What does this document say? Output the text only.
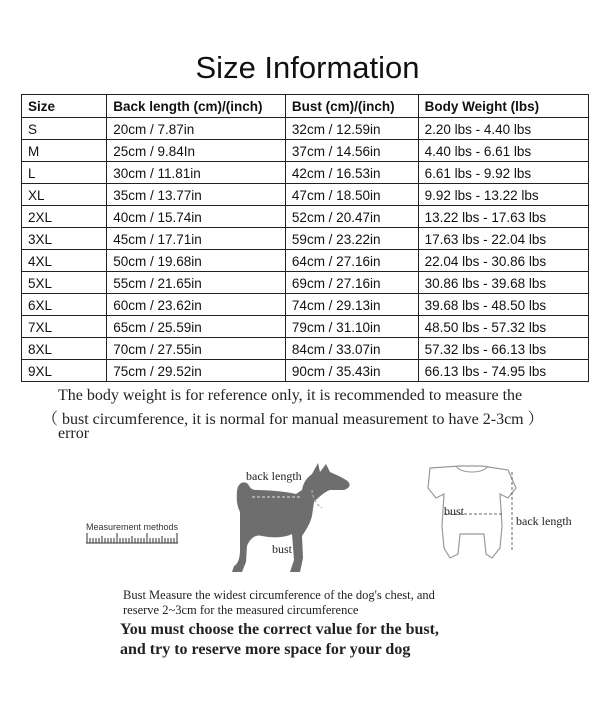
Size Information
Size	Back length (cm)/(inch)	Bust (cm)/(inch)	Body Weight (lbs)
S	20cm / 7.87in	32cm / 12.59in	2.20 lbs - 4.40 lbs
M	25cm / 9.84In	37cm / 14.56in	4.40 lbs - 6.61 lbs
L	30cm / 11.81in	42cm / 16.53in	6.61 lbs - 9.92 lbs
XL	35cm / 13.77in	47cm / 18.50in	9.92 lbs - 13.22 lbs
2XL	40cm / 15.74in	52cm / 20.47in	13.22 lbs - 17.63 lbs
3XL	45cm / 17.71in	59cm / 23.22in	17.63 lbs - 22.04 lbs
4XL	50cm / 19.68in	64cm / 27.16in	22.04 lbs - 30.86 lbs
5XL	55cm / 21.65in	69cm / 27.16in	30.86 lbs - 39.68 lbs
6XL	60cm / 23.62in	74cm / 29.13in	39.68 lbs - 48.50 lbs
7XL	65cm / 25.59in	79cm / 31.10in	48.50 lbs - 57.32 lbs
8XL	70cm / 27.55in	84cm / 33.07in	57.32 lbs - 66.13 lbs
9XL	75cm / 29.52in	90cm / 35.43in	66.13 lbs - 74.95 lbs
The body weight is for reference only, it is recommended to measure the
（ bust circumference, it is normal for manual measurement to have 2-3cm ）
error
Measurement methods
back length
bust
bust
back length
Bust Measure the widest circumference of the dog's chest, and
reserve 2~3cm for the measured circumference
You must choose the correct value for the bust,
and try to reserve more space for your dog
